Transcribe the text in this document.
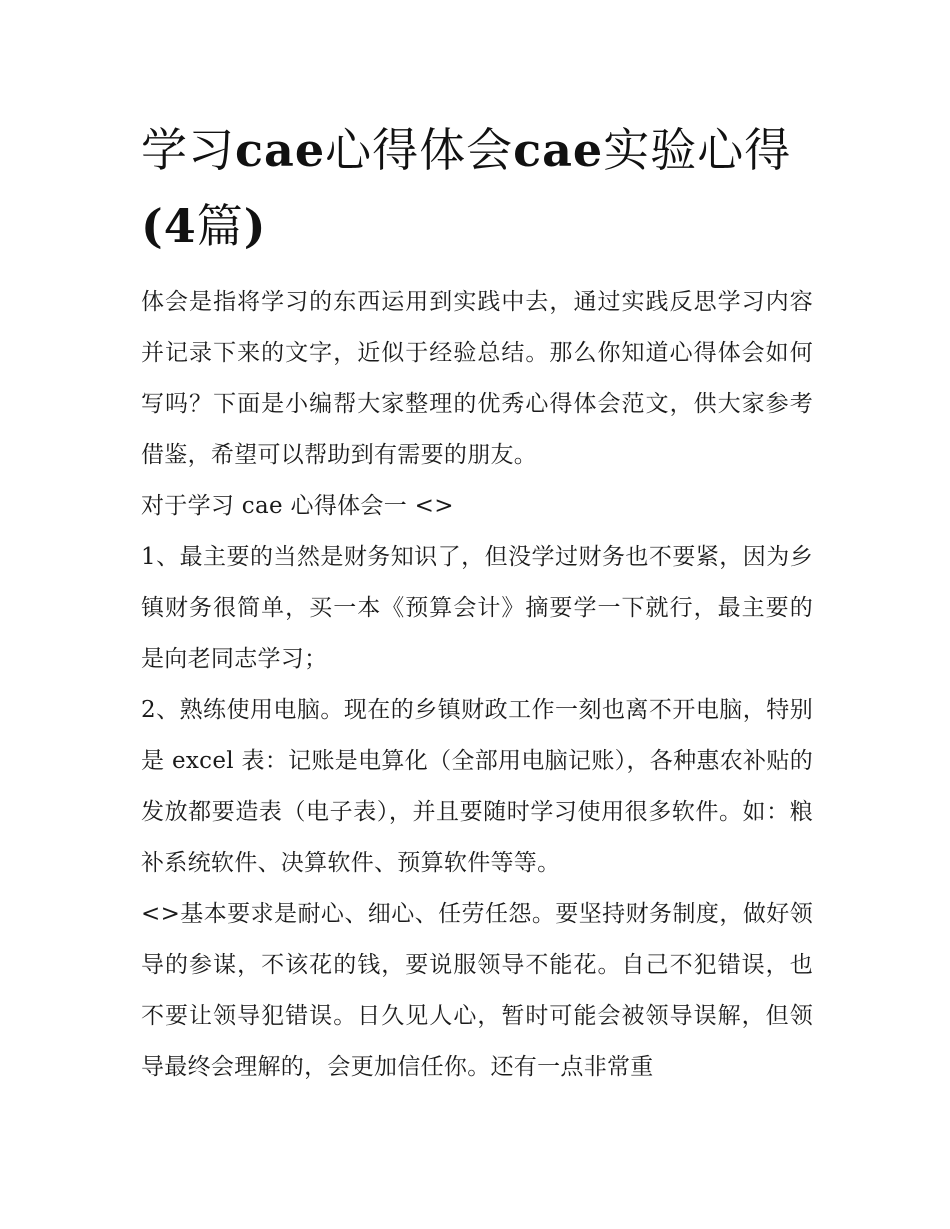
学习cae心得体会cae实验心得(4篇)

体会是指将学习的东西运用到实践中去，通过实践反思学习内容并记录下来的文字，近似于经验总结。那么你知道心得体会如何写吗？下面是小编帮大家整理的优秀心得体会范文，供大家参考借鉴，希望可以帮助到有需要的朋友。

对于学习 cae 心得体会一 <>

1、最主要的当然是财务知识了，但没学过财务也不要紧，因为乡镇财务很简单，买一本《预算会计》摘要学一下就行，最主要的是向老同志学习；

2、熟练使用电脑。现在的乡镇财政工作一刻也离不开电脑，特别是 excel 表：记账是电算化（全部用电脑记账），各种惠农补贴的发放都要造表（电子表），并且要随时学习使用很多软件。如：粮补系统软件、决算软件、预算软件等等。

<>基本要求是耐心、细心、任劳任怨。要坚持财务制度，做好领导的参谋，不该花的钱，要说服领导不能花。自己不犯错误，也不要让领导犯错误。日久见人心，暂时可能会被领导误解，但领导最终会理解的，会更加信任你。还有一点非常重
